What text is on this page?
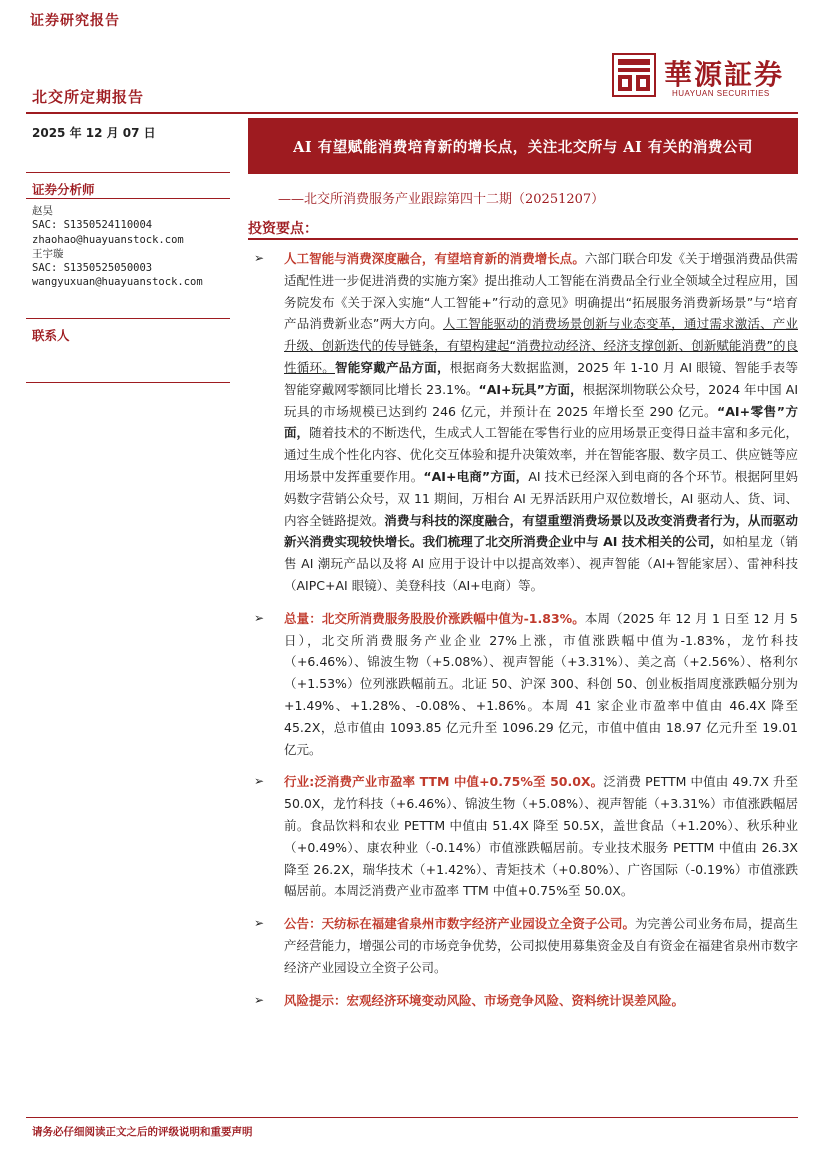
证券研究报告
華源証券
HUAYUAN SECURITIES
北交所定期报告
2025 年 12 月 07 日
AI 有望赋能消费培育新的增长点，关注北交所与 AI 有关的消费公司
——北交所消费服务产业跟踪第四十二期（20251207）
证券分析师
赵昊
SAC: S1350524110004
zhaohao@huayuanstock.com
王宇璇
SAC: S1350525050003
wangyuxuan@huayuanstock.com
联系人
投资要点：
➢ 人工智能与消费深度融合，有望培育新的消费增长点。六部门联合印发《关于增强消费品供需适配性进一步促进消费的实施方案》提出推动人工智能在消费品全行业全领域全过程应用，国务院发布《关于深入实施“人工智能+”行动的意见》明确提出“拓展服务消费新场景”与“培育产品消费新业态”两大方向。人工智能驱动的消费场景创新与业态变革，通过需求激活、产业升级、创新迭代的传导链条，有望构建起“消费拉动经济、经济支撑创新、创新赋能消费”的良性循环。智能穿戴产品方面，根据商务大数据监测，2025 年 1-10 月 AI 眼镜、智能手表等智能穿戴网零额同比增长 23.1%。“AI+玩具”方面，根据深圳物联公众号，2024 年中国 AI 玩具的市场规模已达到约 246 亿元，并预计在 2025 年增长至 290 亿元。“AI+零售”方面，随着技术的不断迭代，生成式人工智能在零售行业的应用场景正变得日益丰富和多元化，通过生成个性化内容、优化交互体验和提升决策效率，并在智能客服、数字员工、供应链等应用场景中发挥重要作用。“AI+电商”方面，AI 技术已经深入到电商的各个环节。根据阿里妈妈数字营销公众号，双 11 期间，万相台 AI 无界活跃用户双位数增长，AI 驱动人、货、词、内容全链路提效。消费与科技的深度融合，有望重塑消费场景以及改变消费者行为，从而驱动新兴消费实现较快增长。我们梳理了北交所消费企业中与 AI 技术相关的公司，如柏星龙（销售 AI 潮玩产品以及将 AI 应用于设计中以提高效率）、视声智能（AI+智能家居）、雷神科技（AIPC+AI 眼镜）、美登科技（AI+电商）等。
➢ 总量：北交所消费服务股股价涨跌幅中值为-1.83%。本周（2025 年 12 月 1 日至 12 月 5 日），北交所消费服务产业企业 27%上涨，市值涨跌幅中值为-1.83%，龙竹科技（+6.46%）、锦波生物（+5.08%）、视声智能（+3.31%）、美之高（+2.56%）、格利尔（+1.53%）位列涨跌幅前五。北证 50、沪深 300、科创 50、创业板指周度涨跌幅分别为+1.49%、+1.28%、-0.08%、+1.86%。本周 41 家企业市盈率中值由 46.4X 降至 45.2X，总市值由 1093.85 亿元升至 1096.29 亿元，市值中值由 18.97 亿元升至 19.01 亿元。
➢ 行业:泛消费产业市盈率 TTM 中值+0.75%至 50.0X。泛消费 PETTM 中值由 49.7X 升至 50.0X，龙竹科技（+6.46%）、锦波生物（+5.08%）、视声智能（+3.31%）市值涨跌幅居前。食品饮料和农业 PETTM 中值由 51.4X 降至 50.5X，盖世食品（+1.20%）、秋乐种业（+0.49%）、康农种业（-0.14%）市值涨跌幅居前。专业技术服务 PETTM 中值由 26.3X 降至 26.2X，瑞华技术（+1.42%）、青矩技术（+0.80%）、广咨国际（-0.19%）市值涨跌幅居前。本周泛消费产业市盈率 TTM 中值+0.75%至 50.0X。
➢ 公告：天纺标在福建省泉州市数字经济产业园设立全资子公司。为完善公司业务布局，提高生产经营能力，增强公司的市场竞争优势，公司拟使用募集资金及自有资金在福建省泉州市数字经济产业园设立全资子公司。
➢ 风险提示：宏观经济环境变动风险、市场竞争风险、资料统计误差风险。
请务必仔细阅读正文之后的评级说明和重要声明
